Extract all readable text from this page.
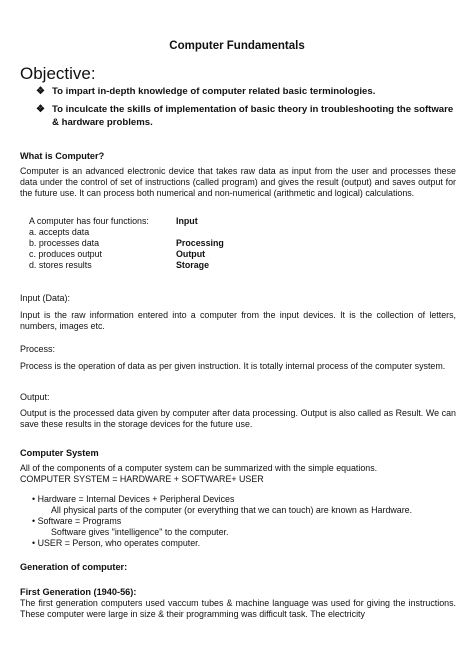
Computer Fundamentals
Objective:
❖ To impart in-depth knowledge of computer related basic terminologies.
❖ To inculcate the skills of implementation of basic theory in troubleshooting the software & hardware problems.
What is Computer?
Computer is an advanced electronic device that takes raw data as input from the user and processes these data under the control of set of instructions (called program) and gives the result (output) and saves output for the future use. It can process both numerical and non-numerical (arithmetic and logical) calculations.
A computer has four functions:	Input
a. accepts data
b. processes data	Processing
c. produces output	Output
d. stores results	Storage
Input (Data):
Input is the raw information entered into a computer from the input devices. It is the collection of letters, numbers, images etc.
Process:
Process is the operation of data as per given instruction. It is totally internal process of the computer system.
Output:
Output is the processed data given by computer after data processing. Output is also called as Result. We can save these results in the storage devices for the future use.
Computer System
All of the components of a computer system can be summarized with the simple equations.
COMPUTER SYSTEM = HARDWARE + SOFTWARE+ USER
• Hardware = Internal Devices + Peripheral Devices
All physical parts of the computer (or everything that we can touch) are known as Hardware.
• Software = Programs
Software gives "intelligence" to the computer.
• USER = Person, who operates computer.
Generation of computer:
First Generation (1940-56):
The first generation computers used vaccum tubes & machine language was used for giving the instructions. These computer were large in size & their programming was difficult task. The electricity
